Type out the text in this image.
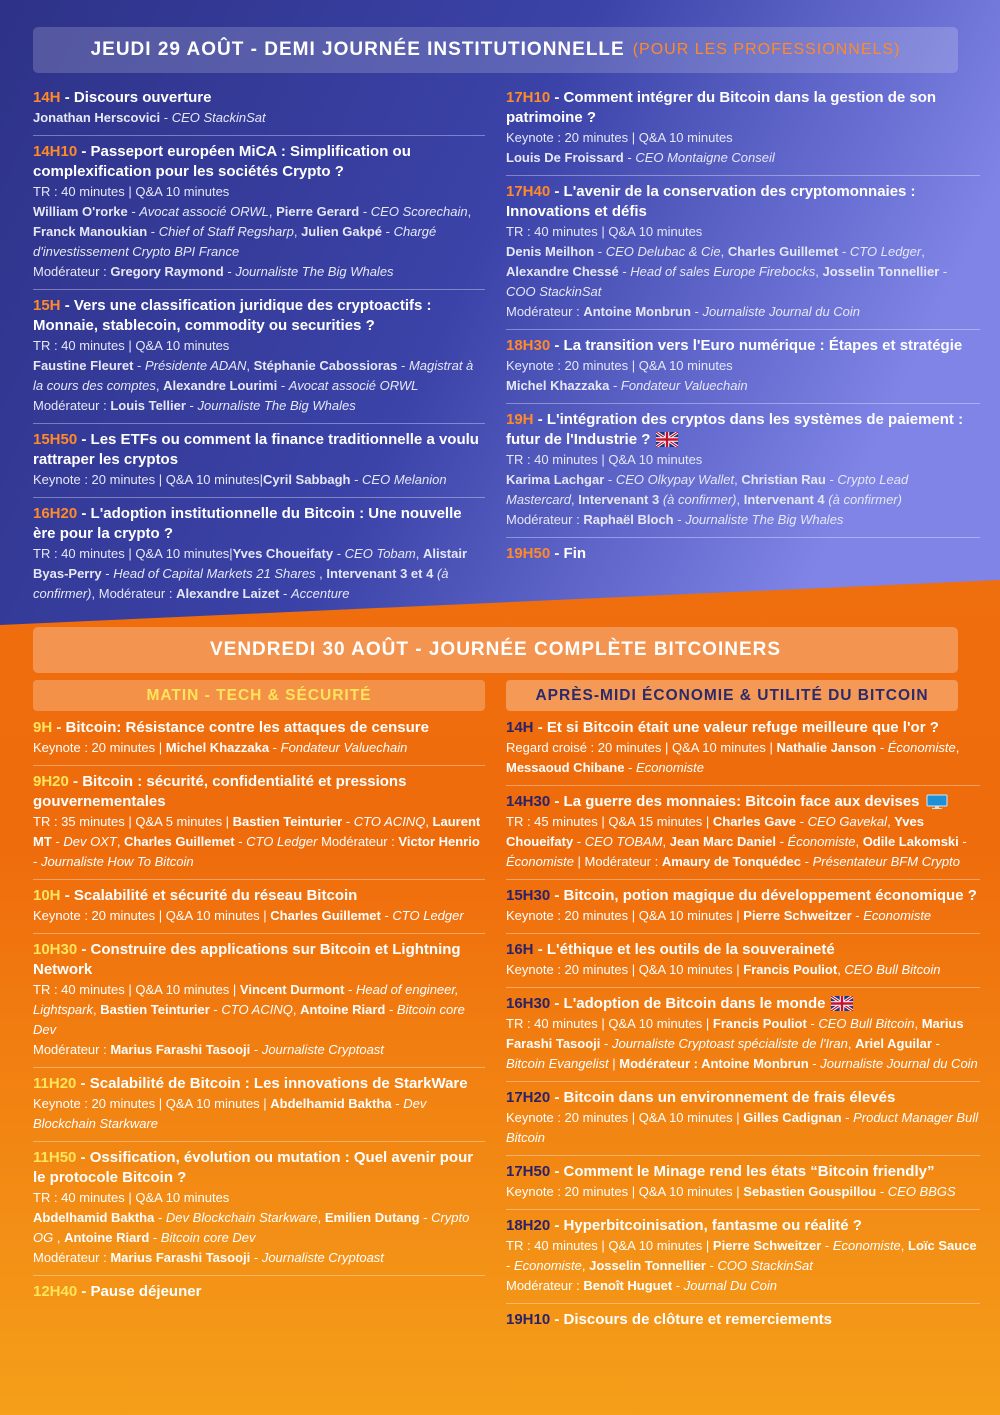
JEUDI 29 AOÛT - DEMI JOURNÉE INSTITUTIONNELLE (POUR LES PROFESSIONNELS)
14H - Discours ouverture
Jonathan Herscovici - CEO StackinSat
14H10 - Passeport européen MiCA : Simplification ou complexification pour les sociétés Crypto ?
TR : 40 minutes | Q&A 10 minutes
William O'rorke - Avocat associé ORWL, Pierre Gerard - CEO Scorechain, Franck Manoukian - Chief of Staff Regsharp, Julien Gakpé - Chargé d'investissement Crypto BPI France
Modérateur : Gregory Raymond - Journaliste The Big Whales
15H - Vers une classification juridique des cryptoactifs : Monnaie, stablecoin, commodity ou securities ?
TR : 40 minutes | Q&A 10 minutes
Faustine Fleuret - Présidente ADAN, Stéphanie Cabossioras - Magistrat à la cours des comptes, Alexandre Lourimi - Avocat associé ORWL
Modérateur : Louis Tellier - Journaliste The Big Whales
15H50 - Les ETFs ou comment la finance traditionnelle a voulu rattraper les cryptos
Keynote : 20 minutes | Q&A 10 minutes|Cyril Sabbagh - CEO Melanion
16H20 - L'adoption institutionnelle du Bitcoin : Une nouvelle ère pour la crypto ?
TR : 40 minutes | Q&A 10 minutes|Yves Choueifaty - CEO Tobam, Alistair Byas-Perry - Head of Capital Markets 21 Shares , Intervenant 3 et 4 (à confirmer), Modérateur : Alexandre Laizet - Accenture
17H10 - Comment intégrer du Bitcoin dans la gestion de son patrimoine ?
Keynote : 20 minutes | Q&A 10 minutes
Louis De Froissard - CEO Montaigne Conseil
17H40 - L'avenir de la conservation des cryptomonnaies : Innovations et défis
TR : 40 minutes | Q&A 10 minutes
Denis Meilhon - CEO Delubac & Cie, Charles Guillemet - CTO Ledger, Alexandre Chessé - Head of sales Europe Firebocks, Josselin Tonnellier - COO StackinSat
Modérateur : Antoine Monbrun - Journaliste Journal du Coin
18H30 - La transition vers l'Euro numérique : Étapes et stratégie
Keynote : 20 minutes | Q&A 10 minutes
Michel Khazzaka - Fondateur Valuechain
19H - L'intégration des cryptos dans les systèmes de paiement : futur de l'Industrie ?
TR : 40 minutes | Q&A 10 minutes
Karima Lachgar - CEO Olkypay Wallet, Christian Rau - Crypto Lead Mastercard, Intervenant 3 (à confirmer), Intervenant 4 (à confirmer)
Modérateur : Raphaël Bloch - Journaliste The Big Whales
19H50 - Fin
VENDREDI 30 AOÛT - JOURNÉE COMPLÈTE BITCOINERS
MATIN - TECH & SÉCURITÉ	APRÈS-MIDI ÉCONOMIE & UTILITÉ DU BITCOIN
9H - Bitcoin: Résistance contre les attaques de censure
Keynote : 20 minutes | Michel Khazzaka - Fondateur Valuechain
9H20 - Bitcoin : sécurité, confidentialité et pressions gouvernementales
TR : 35 minutes | Q&A 5 minutes | Bastien Teinturier - CTO ACINQ, Laurent MT - Dev OXT, Charles Guillemet - CTO Ledger Modérateur : Victor Henrio - Journaliste How To Bitcoin
10H - Scalabilité et sécurité du réseau Bitcoin
Keynote : 20 minutes | Q&A 10 minutes | Charles Guillemet - CTO Ledger
10H30 - Construire des applications sur Bitcoin et Lightning Network
TR : 40 minutes | Q&A 10 minutes | Vincent Durmont - Head of engineer, Lightspark, Bastien Teinturier - CTO ACINQ, Antoine Riard - Bitcoin core Dev
Modérateur : Marius Farashi Tasooji - Journaliste Cryptoast
11H20 - Scalabilité de Bitcoin : Les innovations de StarkWare
Keynote : 20 minutes | Q&A 10 minutes | Abdelhamid Baktha - Dev Blockchain Starkware
11H50 - Ossification, évolution ou mutation : Quel avenir pour le protocole Bitcoin ?
TR : 40 minutes | Q&A 10 minutes
Abdelhamid Baktha - Dev Blockchain Starkware, Emilien Dutang - Crypto OG , Antoine Riard - Bitcoin core Dev
Modérateur : Marius Farashi Tasooji - Journaliste Cryptoast
12H40 - Pause déjeuner
14H - Et si Bitcoin était une valeur refuge meilleure que l'or ?
Regard croisé : 20 minutes | Q&A 10 minutes | Nathalie Janson - Économiste, Messaoud Chibane - Economiste
14H30 - La guerre des monnaies: Bitcoin face aux devises
TR : 45 minutes | Q&A 15 minutes | Charles Gave - CEO Gavekal, Yves Choueifaty - CEO TOBAM, Jean Marc Daniel - Économiste, Odile Lakomski - Économiste | Modérateur : Amaury de Tonquédec - Présentateur BFM Crypto
15H30 - Bitcoin, potion magique du développement économique ?
Keynote : 20 minutes | Q&A 10 minutes | Pierre Schweitzer - Economiste
16H - L'éthique et les outils de la souveraineté
Keynote : 20 minutes | Q&A 10 minutes | Francis Pouliot, CEO Bull Bitcoin
16H30 - L'adoption de Bitcoin dans le monde
TR : 40 minutes | Q&A 10 minutes | Francis Pouliot - CEO Bull Bitcoin, Marius Farashi Tasooji - Journaliste Cryptoast spécialiste de l'Iran, Ariel Aguilar - Bitcoin Evangelist | Modérateur : Antoine Monbrun - Journaliste Journal du Coin
17H20 - Bitcoin dans un environnement de frais élevés
Keynote : 20 minutes | Q&A 10 minutes | Gilles Cadignan - Product Manager Bull Bitcoin
17H50 - Comment le Minage rend les états “Bitcoin friendly”
Keynote : 20 minutes | Q&A 10 minutes | Sebastien Gouspillou - CEO BBGS
18H20 - Hyperbitcoinisation, fantasme ou réalité ?
TR : 40 minutes | Q&A 10 minutes | Pierre Schweitzer - Economiste, Loïc Sauce - Economiste, Josselin Tonnellier - COO StackinSat
Modérateur : Benoît Huguet - Journal Du Coin
19H10 - Discours de clôture et remerciements
